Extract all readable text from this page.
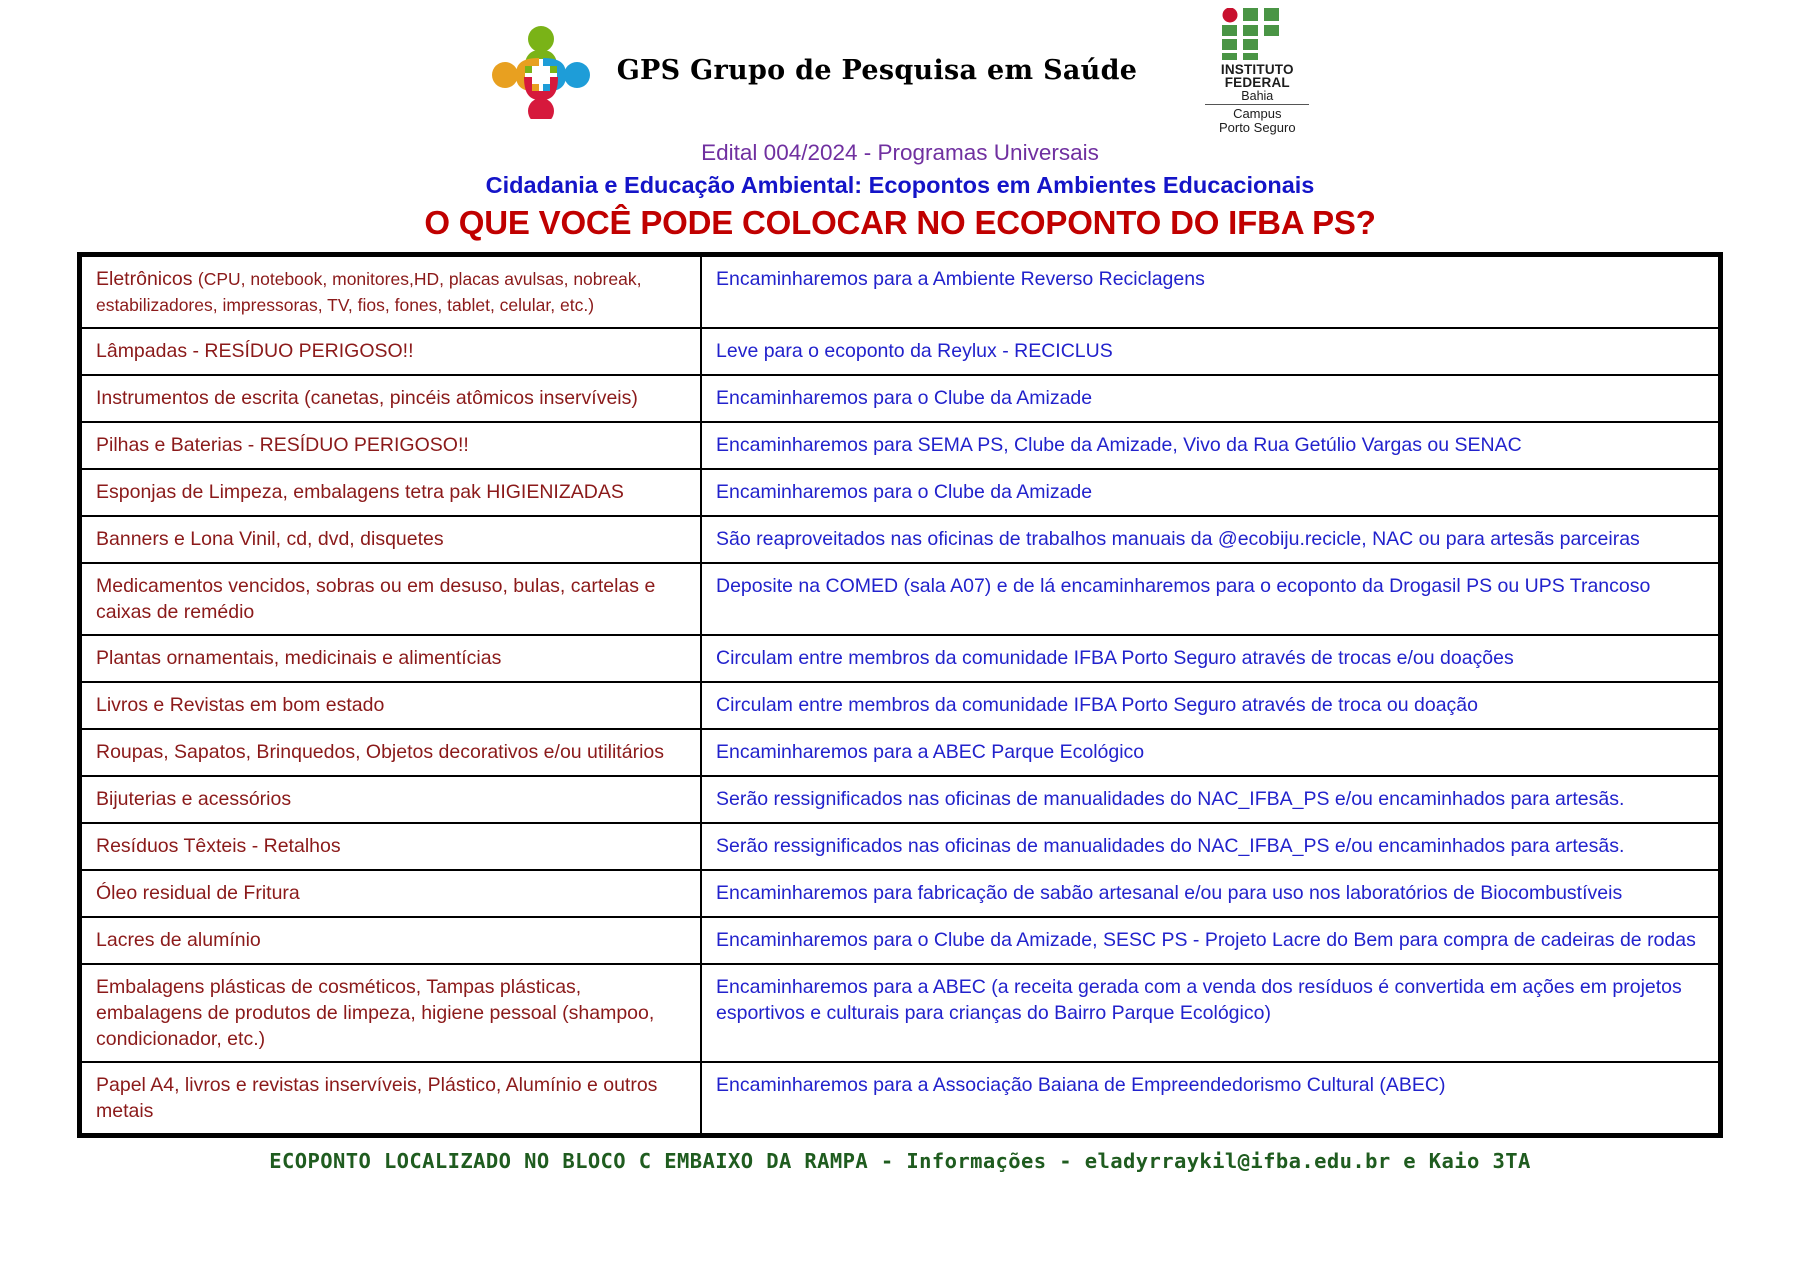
GPS Grupo de Pesquisa em Saúde	INSTITUTO
FEDERAL
Bahia
Campus
Porto Seguro
Edital 004/2024 - Programas Universais
Cidadania e Educação Ambiental: Ecopontos em Ambientes Educacionais
O QUE VOCÊ PODE COLOCAR NO ECOPONTO DO IFBA PS?
Eletrônicos (CPU, notebook, monitores,HD, placas avulsas, nobreak, estabilizadores, impressoras, TV, fios, fones, tablet, celular, etc.)	Encaminharemos para a Ambiente Reverso Reciclagens
Lâmpadas - RESÍDUO PERIGOSO!!	Leve para o ecoponto da Reylux - RECICLUS
Instrumentos de escrita (canetas, pincéis atômicos inservíveis)	Encaminharemos para o Clube da Amizade
Pilhas e Baterias - RESÍDUO PERIGOSO!!	Encaminharemos para SEMA PS, Clube da Amizade, Vivo da Rua Getúlio Vargas ou SENAC
Esponjas de Limpeza, embalagens tetra pak HIGIENIZADAS	Encaminharemos para o Clube da Amizade
Banners e Lona Vinil, cd, dvd, disquetes	São reaproveitados nas oficinas de trabalhos manuais da @ecobiju.recicle, NAC ou para artesãs parceiras
Medicamentos vencidos, sobras ou em desuso, bulas, cartelas e caixas de remédio	Deposite na COMED (sala A07) e de lá encaminharemos para o ecoponto da Drogasil PS ou UPS Trancoso
Plantas ornamentais, medicinais e alimentícias	Circulam entre membros da comunidade IFBA Porto Seguro através de trocas e/ou doações
Livros e Revistas em bom estado	Circulam entre membros da comunidade IFBA Porto Seguro através de troca ou doação
Roupas, Sapatos, Brinquedos, Objetos decorativos e/ou utilitários	Encaminharemos para a ABEC Parque Ecológico
Bijuterias e acessórios	Serão ressignificados nas oficinas de manualidades do NAC_IFBA_PS e/ou encaminhados para artesãs.
Resíduos Têxteis - Retalhos	Serão ressignificados nas oficinas de manualidades do NAC_IFBA_PS e/ou encaminhados para artesãs.
Óleo residual de Fritura	Encaminharemos para fabricação de sabão artesanal e/ou para uso nos laboratórios de Biocombustíveis
Lacres de alumínio	Encaminharemos para o Clube da Amizade, SESC PS - Projeto Lacre do Bem para compra de cadeiras de rodas
Embalagens plásticas de cosméticos, Tampas plásticas, embalagens de produtos de limpeza, higiene pessoal (shampoo, condicionador, etc.)	Encaminharemos para a ABEC (a receita gerada com a venda dos resíduos é convertida em ações em projetos esportivos e culturais para crianças do Bairro Parque Ecológico)
Papel A4, livros e revistas inservíveis, Plástico, Alumínio e outros metais	Encaminharemos para a Associação Baiana de Empreendedorismo Cultural (ABEC)
ECOPONTO LOCALIZADO NO BLOCO C EMBAIXO DA RAMPA - Informações - eladyrraykil@ifba.edu.br e Kaio 3TA
